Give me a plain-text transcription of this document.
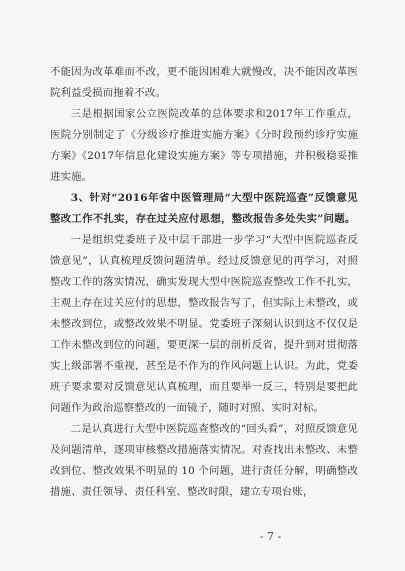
不能因为改革难而不改，更不能因困难大就慢改，决不能因改革医院利益受损而拖着不改。

三是根据国家公立医院改革的总体要求和2017年工作重点，医院分别制定了《分级诊疗推进实施方案》《分时段预约诊疗实施方案》《2017年信息化建设实施方案》等专项措施，并积极稳妥推进实施。

3、针对“2016年省中医管理局“大型中医院巡查”反馈意见整改工作不扎实，存在过关应付思想，整改报告多处失实”问题。

一是组织党委班子及中层干部进一步学习“大型中医院巡查反馈意见”，认真梳理反馈问题清单。经过反馈意见的再学习，对照整改工作的落实情况，确实发现大型中医院巡查整改工作不扎实，主观上存在过关应付的思想，整改报告写了，但实际上未整改，或未整改到位，或整改效果不明显。党委班子深刻认识到这不仅仅是工作未整改到位的问题，要更深一层的剖析反省，提升到对贯彻落实上级部署不重视，甚至是不作为的作风问题上认识。为此，党委班子要求要对反馈意见认真梳理，而且要举一反三，特别是要把此问题作为政治巡察整改的一面镜子，随时对照、实时对标。

二是认真进行大型中医院巡查整改的“回头看”，对照反馈意见及问题清单，逐项审核整改措施落实情况。对查找出未整改、未整改到位、整改效果不明显的 10 个问题，进行责任分解，明确整改措施、责任领导、责任科室、整改时限，建立专项台账，

- 7 -
